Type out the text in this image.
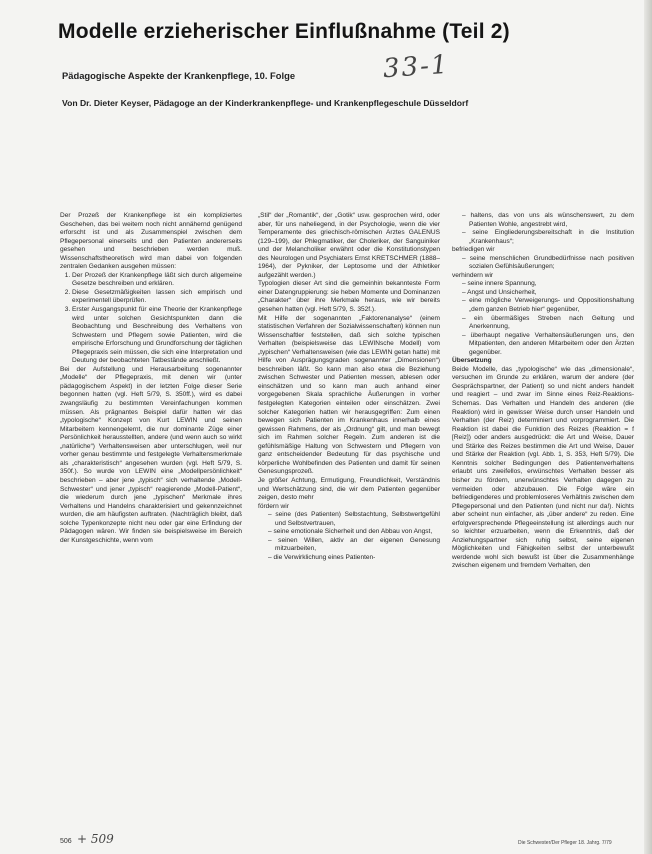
Modelle erzieherischer Einflußnahme (Teil 2)
33-1

Pädagogische Aspekte der Krankenpflege, 10. Folge

Von Dr. Dieter Keyser, Pädagoge an der Kinderkrankenpflege- und Krankenpflegeschule Düsseldorf

Der Prozeß der Krankenpflege ist ein kompliziertes Geschehen, das bei weitem noch nicht annähernd genügend erforscht ist und als Zusammenspiel zwischen dem Pflegepersonal einerseits und den Patienten andererseits gesehen und beschrieben werden muß. Wissenschaftstheoretisch wird man dabei von folgenden zentralen Gedanken ausgehen müssen:

1. Der Prozeß der Krankenpflege läßt sich durch allgemeine Gesetze beschreiben und erklären.
2. Diese Gesetzmäßigkeiten lassen sich empirisch und experimentell überprüfen.
3. Erster Ausgangspunkt für eine Theorie der Krankenpflege wird unter solchen Gesichtspunkten dann die Beobachtung und Beschreibung des Verhaltens von Schwestern und Pflegern sowie Patienten, wird die empirische Erforschung und Grundforschung der täglichen Pflegepraxis sein müssen, die sich eine Interpretation und Deutung der beobachteten Tatbestände anschließt.

Bei der Aufstellung und Herausarbeitung sogenannter „Modelle“ der Pflegepraxis, mit denen wir (unter pädagogischem Aspekt) in der letzten Folge dieser Serie begonnen hatten (vgl. Heft 5/79, S. 350ff.), wird es dabei zwangsläufig zu bestimmten Vereinfachungen kommen müssen. Als prägnantes Beispiel dafür hatten wir das „typologische“ Konzept von Kurt LEWIN und seinen Mitarbeitern kennengelernt, die nur dominante Züge einer Persönlichkeit herausstellten, andere (und wenn auch so wirkt „natürliche“) Verhaltensweisen aber unterschlugen, weil nur vorher genau bestimmte und festgelegte Verhaltensmerkmale als „charakteristisch“ angesehen wurden (vgl. Heft 5/79, S. 350f.). So wurde von LEWIN eine „Modellpersönlichkeit“ beschrieben – aber jene „typisch“ sich verhaltende „Modell-Schwester“ und jener „typisch“ reagierende „Modell-Patient“, die wiederum durch jene „typischen“ Merkmale ihres Verhaltens und Handelns charakterisiert und gekennzeichnet wurden, die am häufigsten auftraten. (Nachträglich bleibt, daß solche Typenkonzepte nicht neu oder gar eine Erfindung der Pädagogen wären. Wir finden sie beispielsweise im Bereich der Kunstgeschichte, wenn vom

„Stil“ der „Romantik“, der „Gotik“ usw. gesprochen wird, oder aber, für uns naheliegend, in der Psychologie, wenn die vier Temperamente des griechisch-römischen Arztes GALENUS (129–199), der Phlegmatiker, der Choleriker, der Sanguiniker und der Melancholiker erwähnt oder die Konstitutionstypen des Neurologen und Psychiaters Ernst KRETSCHMER (1888–1964), der Pykniker, der Leptosome und der Athletiker aufgezählt werden.)

Typologien dieser Art sind die gemeinhin bekannteste Form einer Datengruppierung: sie heben Momente und Dominanzen „Charakter“ über ihre Merkmale heraus, wie wir bereits gesehen hatten (vgl. Heft 5/79, S. 352f.).

Mit Hilfe der sogenannten „Faktorenanalyse“ (einem statistischen Verfahren der Sozialwissenschaften) können nun Wissenschaftler feststellen, daß sich solche typischen Verhalten (beispielsweise das LEWINsche Modell) vom „typischen“ Verhaltensweisen (wie das LEWIN getan hatte) mit Hilfe von Ausprägungsgraden sogenannter „Dimensionen“) beschreiben läßt. So kann man also etwa die Beziehung zwischen Schwester und Patienten messen, ablesen oder einschätzen und so kann man auch anhand einer vorgegebenen Skala sprachliche Äußerungen in vorher festgelegten Kategorien einteilen oder einschätzen. Zwei solcher Kategorien hatten wir herausgegriffen: Zum einen bewegen sich Patienten im Krankenhaus innerhalb eines gewissen Rahmens, der als „Ordnung“ gilt, und man bewegt sich im Rahmen solcher Regeln. Zum anderen ist die gefühlsmäßige Haltung von Schwestern und Pflegern von ganz entscheidender Bedeutung für das psychische und körperliche Wohlbefinden des Patienten und damit für seinen Genesungsprozeß.

Je größer Achtung, Ermutigung, Freundlichkeit, Verständnis und Wertschätzung sind, die wir dem Patienten gegenüber zeigen, desto mehr

fördern wir

– seine (des Patienten) Selbstachtung, Selbstwertgefühl und Selbstvertrauen,
– seine emotionale Sicherheit und den Abbau von Angst,
– seinen Willen, aktiv an der eigenen Genesung mitzuarbeiten,
– die Verwirklichung eines Patienten-
– haltens, das von uns als wünschenswert, zu dem Patienten Wohle, angestrebt wird,
– seine Eingliederungsbereitschaft in die Institution „Krankenhaus“;

befriedigen wir

– seine menschlichen Grundbedürfnisse nach positiven sozialen Gefühlsäußerungen;

verhindern wir

– seine innere Spannung,
– Angst und Unsicherheit,
– eine mögliche Verweigerungs- und Oppositionshaltung „dem ganzen Betrieb hier“ gegenüber,
– ein übermäßiges Streben nach Geltung und Anerkennung,
– überhaupt negative Verhaltensäußerungen uns, den Mitpatienten, den anderen Mitarbeitern oder den Ärzten gegenüber.

Übersetzung

Beide Modelle, das „typologische“ wie das „dimensionale“, versuchen im Grunde zu erklären, warum der andere (der Gesprächspartner, der Patient) so und nicht anders handelt und reagiert – und zwar im Sinne eines Reiz-Reaktions-Schemas. Das Verhalten und Handeln des anderen (die Reaktion) wird in gewisser Weise durch unser Handeln und Verhalten (der Reiz) determiniert und vorprogrammiert. Die Reaktion ist dabei die Funktion des Reizes (Reaktion = f [Reiz]) oder anders ausgedrückt: die Art und Weise, Dauer und Stärke des Reizes bestimmen die Art und Weise, Dauer und Stärke der Reaktion (vgl. Abb. 1, S. 353, Heft 5/79). Die Kenntnis solcher Bedingungen des Patientenverhaltens erlaubt uns zweifellos, erwünschtes Verhalten besser als bisher zu fördern, unerwünschtes Verhalten dagegen zu vermeiden oder abzubauen. Die Folge wäre ein befriedigenderes und problemloseres Verhältnis zwischen dem Pflegepersonal und den Patienten (und nicht nur da!). Nichts aber scheint nun einfacher, als „über andere“ zu reden. Eine erfolgversprechende Pflegeeinstellung ist allerdings auch nur so leichter erzuarbeiten, wenn die Erkenntnis, daß der Anziehungspartner sich ruhig selbst, seine eigenen Möglichkeiten und Fähigkeiten selbst der unterbewußt werdende wohl sich bewußt ist über die Zusammenhänge zwischen eigenem und fremdem Verhalten, den

506 + 509	Die Schwester/Der Pfleger 18. Jahrg. 7/79
